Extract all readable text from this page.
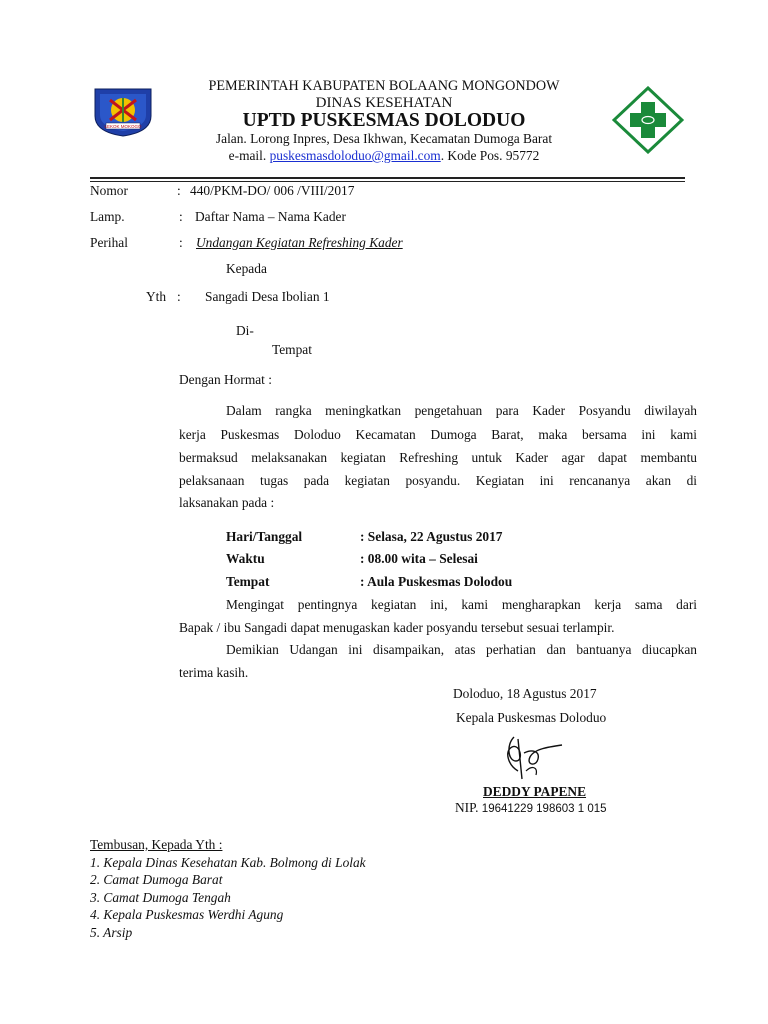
LEKOK MOKOGO
PEMERINTAH KABUPATEN BOLAANG MONGONDOW
DINAS KESEHATAN
UPTD PUSKESMAS DOLODUO
Jalan. Lorong Inpres, Desa Ikhwan, Kecamatan Dumoga Barat
e-mail. puskesmasdoloduo@gmail.com. Kode Pos. 95772
Nomor	: 440/PKM-DO/ 006 /VIII/2017
Lamp.	: Daftar Nama – Nama Kader
Perihal	: Undangan Kegiatan Refreshing Kader
Kepada
Yth : Sangadi Desa Ibolian 1
Di-
Tempat
Dengan Hormat :
Dalam rangka meningkatkan pengetahuan para Kader Posyandu diwilayah
kerja Puskesmas Doloduo Kecamatan Dumoga Barat, maka bersama ini kami
bermaksud melaksanakan kegiatan Refreshing untuk Kader agar dapat membantu
pelaksanaan tugas pada kegiatan posyandu. Kegiatan ini rencananya akan di
laksanakan pada :
Hari/Tanggal	: Selasa, 22 Agustus 2017
Waktu	: 08.00 wita – Selesai
Tempat	: Aula Puskesmas Dolodou
Mengingat pentingnya kegiatan ini, kami mengharapkan kerja sama dari
Bapak / ibu Sangadi dapat menugaskan kader posyandu tersebut sesuai terlampir.
Demikian Udangan ini disampaikan, atas perhatian dan bantuanya diucapkan
terima kasih.
Doloduo, 18 Agustus 2017
Kepala Puskesmas Doloduo
DEDDY PAPENE
NIP. 19641229 198603 1 015
Tembusan, Kepada Yth :
1. Kepala Dinas Kesehatan Kab. Bolmong di Lolak
2. Camat Dumoga Barat
3. Camat Dumoga Tengah
4. Kepala Puskesmas Werdhi Agung
5. Arsip
